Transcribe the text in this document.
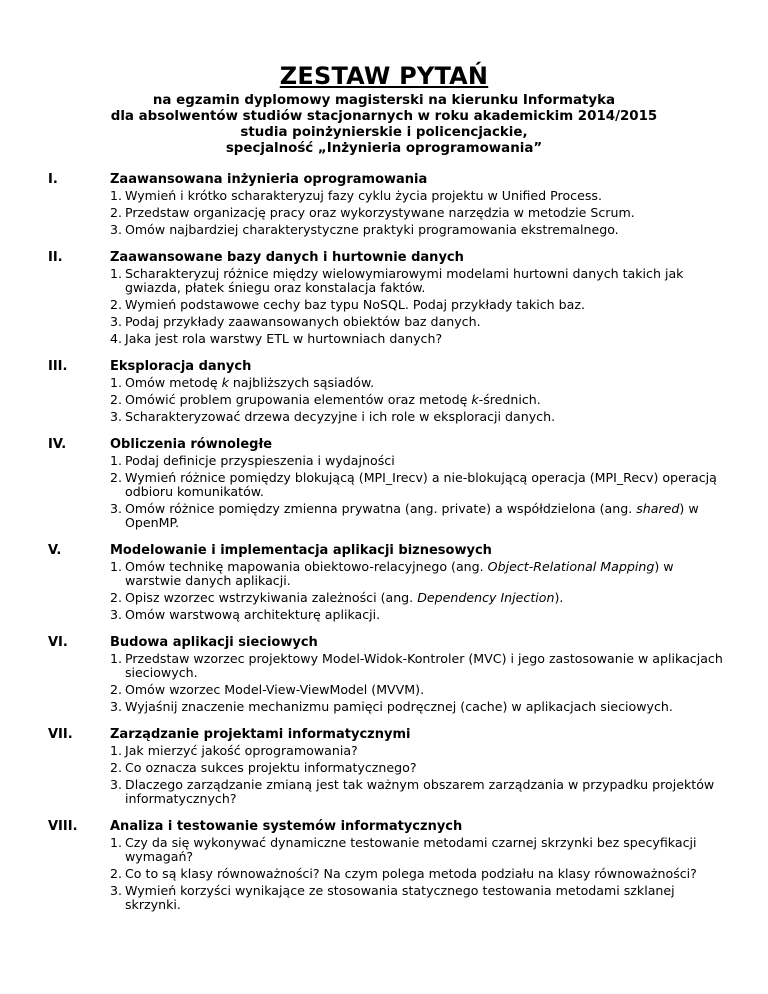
ZESTAW PYTAŃ
na egzamin dyplomowy magisterski na kierunku Informatyka
dla absolwentów studiów stacjonarnych w roku akademickim 2014/2015
studia poinżynierskie i policencjackie,
specjalność „Inżynieria oprogramowania”
I.	Zaawansowana inżynieria oprogramowania
1. Wymień i krótko scharakteryzuj fazy cyklu życia projektu w Unified Process.
2. Przedstaw organizację pracy oraz wykorzystywane narzędzia w metodzie Scrum.
3. Omów najbardziej charakterystyczne praktyki programowania ekstremalnego.
II.	Zaawansowane bazy danych i hurtownie danych
1. Scharakteryzuj różnice między wielowymiarowymi modelami hurtowni danych takich jak gwiazda, płatek śniegu oraz konstalacja faktów.
2. Wymień podstawowe cechy baz typu NoSQL. Podaj przykłady takich baz.
3. Podaj przykłady zaawansowanych obiektów baz danych.
4. Jaka jest rola warstwy ETL w hurtowniach danych?
III.	Eksploracja danych
1. Omów metodę k najbliższych sąsiadów.
2. Omówić problem grupowania elementów oraz metodę k-średnich.
3. Scharakteryzować drzewa decyzyjne i ich role w eksploracji danych.
IV.	Obliczenia równoległe
1. Podaj definicje przyspieszenia i wydajności
2. Wymień różnice pomiędzy blokującą (MPI_Irecv) a nie-blokującą operacja (MPI_Recv) operacją odbioru komunikatów.
3. Omów różnice pomiędzy zmienna prywatna (ang. private) a współdzielona (ang. shared) w OpenMP.
V.	Modelowanie i implementacja aplikacji biznesowych
1. Omów technikę mapowania obiektowo-relacyjnego (ang. Object-Relational Mapping) w warstwie danych aplikacji.
2. Opisz wzorzec wstrzykiwania zależności (ang. Dependency Injection).
3. Omów warstwową architekturę aplikacji.
VI.	Budowa aplikacji sieciowych
1. Przedstaw wzorzec projektowy Model-Widok-Kontroler (MVC) i jego zastosowanie w aplikacjach sieciowych.
2. Omów wzorzec Model-View-ViewModel (MVVM).
3. Wyjaśnij znaczenie mechanizmu pamięci podręcznej (cache) w aplikacjach sieciowych.
VII.	Zarządzanie projektami informatycznymi
1. Jak mierzyć jakość oprogramowania?
2. Co oznacza sukces projektu informatycznego?
3. Dlaczego zarządzanie zmianą jest tak ważnym obszarem zarządzania w przypadku projektów informatycznych?
VIII.	Analiza i testowanie systemów informatycznych
1. Czy da się wykonywać dynamiczne testowanie metodami czarnej skrzynki bez specyfikacji wymagań?
2. Co to są klasy równoważności? Na czym polega metoda podziału na klasy równoważności?
3. Wymień korzyści wynikające ze stosowania statycznego testowania metodami szklanej skrzynki.
